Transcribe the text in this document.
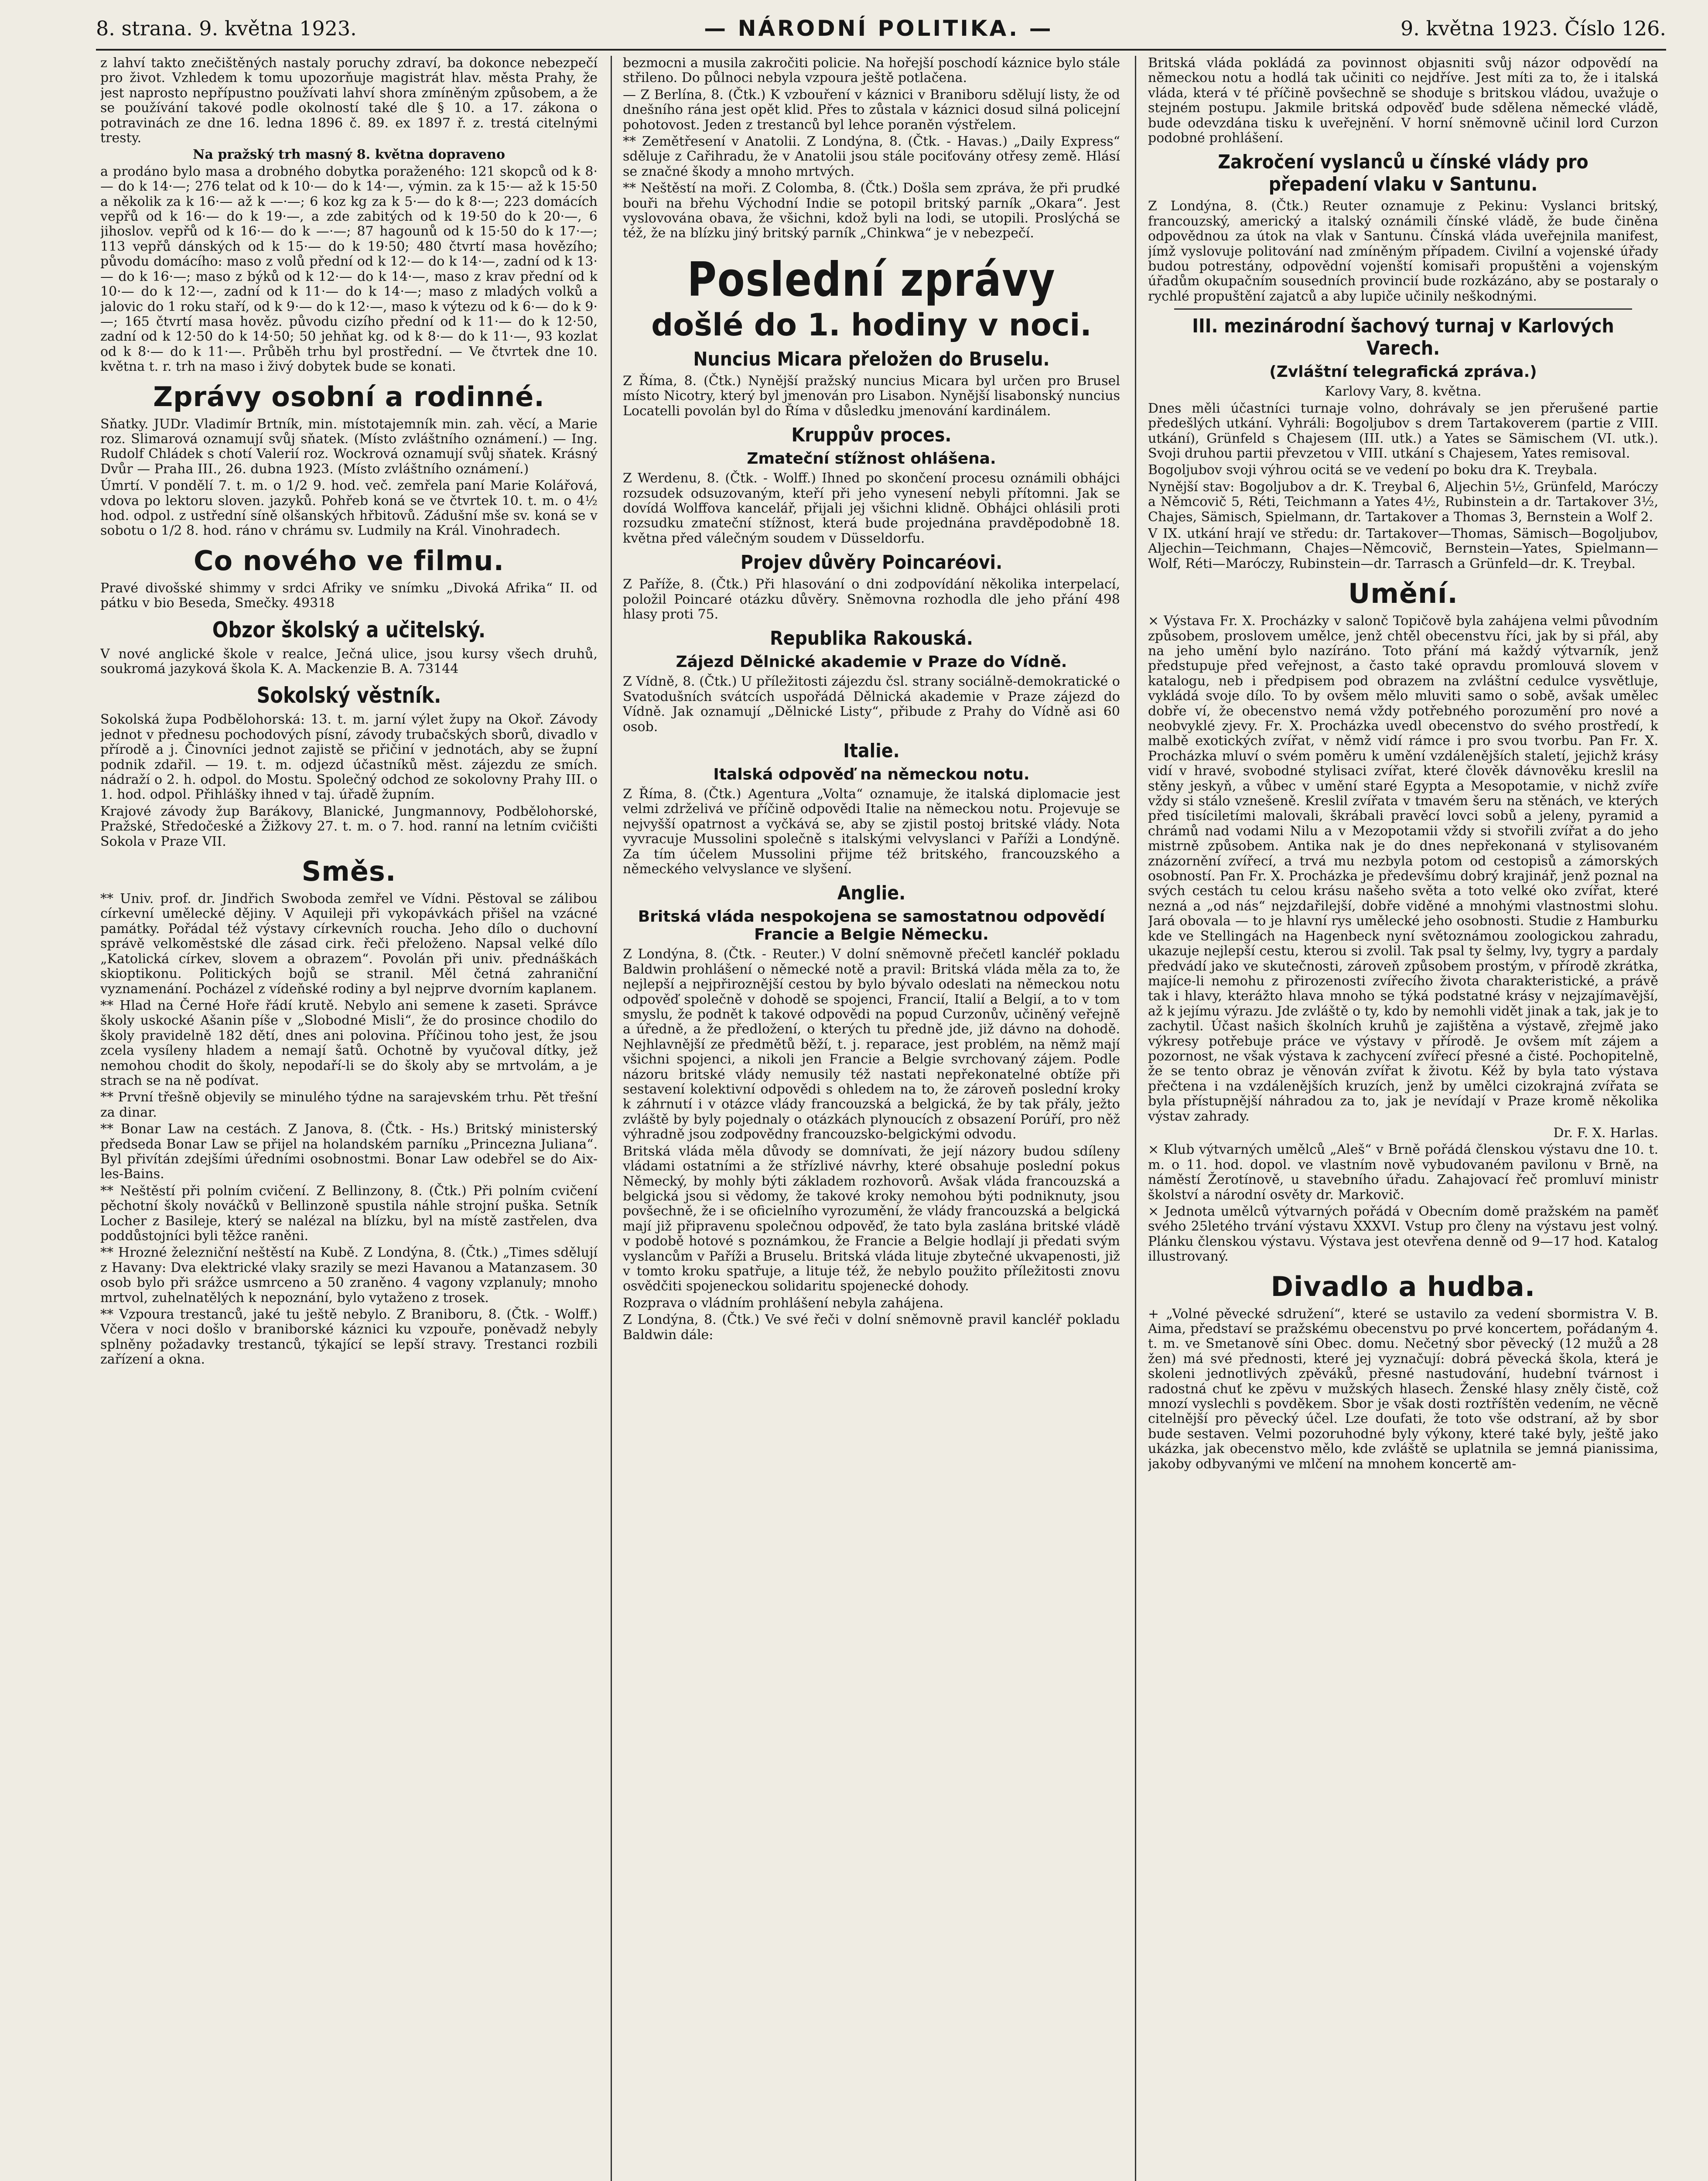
8. strana. 9. května 1923.	— NÁRODNÍ POLITIKA. —	9. května 1923. Číslo 126.

z lahví takto znečištěných nastaly poruchy zdraví, ba dokonce nebezpečí pro život. Vzhledem k tomu upozorňuje magistrát hlav. města Prahy, že jest naprosto nepřípustno používati lahví shora zmíněným způsobem, a že se používání takové podle okolností také dle § 10. a 17. zákona o potravinách ze dne 16. ledna 1896 č. 89. ex 1897 ř. z. trestá citelnými tresty.

Na pražský trh masný 8. května dopraveno

a prodáno bylo masa a drobného dobytka poraženého: 121 skopců od k 8·— do k 14·—; 276 telat od k 10·— do k 14·—, výmin. za k 15·— až k 15·50 a několik za k 16·— až k —·—; 6 koz kg za k 5·— do k 8·—; 223 domácích vepřů od k 16·— do k 19·—, a zde zabitých od k 19·50 do k 20·—, 6 jihoslov. vepřů od k 16·— do k —·—; 87 hagounů od k 15·50 do k 17·—; 113 vepřů dánských od k 15·— do k 19·50; 480 čtvrtí masa hovězího; původu domácího: maso z volů přední od k 12·— do k 14·—, zadní od k 13·— do k 16·—; maso z býků od k 12·— do k 14·—, maso z krav přední od k 10·— do k 12·—, zadní od k 11·— do k 14·—; maso z mladých volků a jalovic do 1 roku staří, od k 9·— do k 12·—, maso k výtezu od k 6·— do k 9·—; 165 čtvrtí masa hověz. původu cizího přední od k 11·— do k 12·50, zadní od k 12·50 do k 14·50; 50 jehňat kg. od k 8·— do k 11·—, 93 kozlat od k 8·— do k 11·—. Průběh trhu byl prostřední. — Ve čtvrtek dne 10. května t. r. trh na maso i živý dobytek bude se konati.

Zprávy osobní a rodinné.

Sňatky. JUDr. Vladimír Brtník, min. místotajemník min. zah. věcí, a Marie roz. Slimarová oznamují svůj sňatek. (Místo zvláštního oznámení.) — Ing. Rudolf Chládek s chotí Valerií roz. Wockrová oznamují svůj sňatek. Krásný Dvůr — Praha III., 26. dubna 1923. (Místo zvláštního oznámení.)

Úmrtí. V pondělí 7. t. m. o 1/2 9. hod. več. zemřela paní Marie Kolářová, vdova po lektoru sloven. jazyků. Pohřeb koná se ve čtvrtek 10. t. m. o 4½ hod. odpol. z ustřední síně olšanských hřbitovů. Zádušní mše sv. koná se v sobotu o 1/2 8. hod. ráno v chrámu sv. Ludmily na Král. Vinohradech.

Co nového ve filmu.

Pravé divošské shimmy v srdci Afriky ve snímku „Divoká Afrika“ II. od pátku v bio Beseda, Smečky. 49318

Obzor školský a učitelský.

V nové anglické škole v realce, Ječná ulice, jsou kursy všech druhů, soukromá jazyková škola K. A. Mackenzie B. A. 73144

Sokolský věstník.

Sokolská župa Podbělohorská: 13. t. m. jarní výlet župy na Okoř. Závody jednot v přednesu pochodových písní, závody trubačských sborů, divadlo v přírodě a j. Činovníci jednot zajistě se přičiní v jednotách, aby se župní podnik zdařil. — 19. t. m. odjezd účastníků měst. zájezdu ze smích. nádraží o 2. h. odpol. do Mostu. Společný odchod ze sokolovny Prahy III. o 1. hod. odpol. Přihlášky ihned v taj. úřadě župním.

Krajové závody žup Barákovy, Blanické, Jungmannovy, Podbělohorské, Pražské, Středočeské a Žižkovy 27. t. m. o 7. hod. ranní na letním cvičišti Sokola v Praze VII.

Směs.

** Univ. prof. dr. Jindřich Swoboda zemřel ve Vídni. Pěstoval se zálibou církevní umělecké dějiny. V Aquileji při vykopávkách přišel na vzácné památky. Pořádal též výstavy církevních roucha. Jeho dílo o duchovní správě velkoměstské dle zásad cirk. řeči přeloženo. Napsal velké dílo „Katolická církev, slovem a obrazem“. Povolán při univ. přednáškách skioptikonu. Politických bojů se stranil. Měl četná zahraniční vyznamenání. Pocházel z vídeňské rodiny a byl nejprve dvorním kaplanem.

** Hlad na Černé Hoře řádí krutě. Nebylo ani semene k zaseti. Správce školy uskocké Ašanin píše v „Slobodné Misli“, že do prosince chodilo do školy pravidelně 182 dětí, dnes ani polovina. Příčinou toho jest, že jsou zcela vysíleny hladem a nemají šatů. Ochotně by vyučoval dítky, jež nemohou chodit do školy, nepodaří-li se do školy aby se mrtvolám, a je strach se na ně podívat.

** První třešně objevily se minulého týdne na sarajevském trhu. Pět třešní za dinar.

** Bonar Law na cestách. Z Janova, 8. (Čtk. - Hs.) Britský ministerský předseda Bonar Law se přijel na holandském parníku „Princezna Juliana“. Byl přivítán zdejšími úředními osobnostmi. Bonar Law odebřel se do Aix-les-Bains.

** Neštěstí při polním cvičení. Z Bellinzony, 8. (Čtk.) Při polním cvičení pěchotní školy nováčků v Bellinzoně spustila náhle strojní puška. Setník Locher z Basileje, který se nalézal na blízku, byl na místě zastřelen, dva poddůstojníci byli těžce raněni.

** Hrozné železniční neštěstí na Kubě. Z Londýna, 8. (Čtk.) „Times sdělují z Havany: Dva elektrické vlaky srazily se mezi Havanou a Matanzasem. 30 osob bylo při srážce usmrceno a 50 zraněno. 4 vagony vzplanuly; mnoho mrtvol, zuhelnatělých k nepoznání, bylo vytaženo z trosek.

** Vzpoura trestanců, jaké tu ještě nebylo. Z Braniboru, 8. (Čtk. - Wolff.) Včera v noci došlo v braniborské káznici ku vzpouře, poněvadž nebyly splněny požadavky trestanců, týkající se lepší stravy. Trestanci rozbili zařízení a okna.

bezmocni a musila zakročiti policie. Na hořejší poschodí káznice bylo stále střileno. Do půlnoci nebyla vzpoura ještě potlačena.

— Z Berlína, 8. (Čtk.) K vzbouření v káznici v Braniboru sdělují listy, že od dnešního rána jest opět klid. Přes to zůstala v káznici dosud silná policejní pohotovost. Jeden z trestanců byl lehce poraněn výstřelem.

** Zemětřesení v Anatolii. Z Londýna, 8. (Čtk. - Havas.) „Daily Express“ sděluje z Cařihradu, že v Anatolii jsou stále pociťovány otřesy země. Hlásí se značné škody a mnoho mrtvých.

** Neštěstí na moři. Z Colomba, 8. (Čtk.) Došla sem zpráva, že při prudké bouři na břehu Východní Indie se potopil britský parník „Okara“. Jest vyslovována obava, že všichni, kdož byli na lodi, se utopili. Proslýchá se též, že na blízku jiný britský parník „Chinkwa“ je v nebezpečí.

Poslední zprávy
došlé do 1. hodiny v noci.
Nuncius Micara přeložen do Bruselu.

Z Říma, 8. (Čtk.) Nynější pražský nuncius Micara byl určen pro Brusel místo Nicotry, který byl jmenován pro Lisabon. Nynější lisabonský nuncius Locatelli povolán byl do Říma v důsledku jmenování kardinálem.

Kruppův proces.
Zmateční stížnost ohlášena.

Z Werdenu, 8. (Čtk. - Wolff.) Ihned po skončení procesu oznámili obhájci rozsudek odsuzovaným, kteří při jeho vynesení nebyli přítomni. Jak se dovídá Wolffova kancelář, přijali jej všichni klidně. Obhájci ohlásili proti rozsudku zmateční stížnost, která bude projednána pravděpodobně 18. května před válečným soudem v Düsseldorfu.

Projev důvěry Poincaréovi.

Z Paříže, 8. (Čtk.) Při hlasování o dni zodpovídání několika interpelací, položil Poincaré otázku důvěry. Sněmovna rozhodla dle jeho přání 498 hlasy proti 75.

Republika Rakouská.
Zájezd Dělnické akademie v Praze do Vídně.

Z Vídně, 8. (Čtk.) U příležitosti zájezdu čsl. strany sociálně-demokratické o Svatodušních svátcích uspořádá Dělnická akademie v Praze zájezd do Vídně. Jak oznamují „Dělnické Listy“, přibude z Prahy do Vídně asi 60 osob.

Italie.
Italská odpověď na německou notu.

Z Říma, 8. (Čtk.) Agentura „Volta“ oznamuje, že italská diplomacie jest velmi zdrželivá ve příčině odpovědi Italie na německou notu. Projevuje se nejvyšší opatrnost a vyčkává se, aby se zjistil postoj britské vlády. Nota vyvracuje Mussolini společně s italskými velvyslanci v Paříži a Londýně. Za tím účelem Mussolini přijme též britského, francouzského a německého velvyslance ve slyšení.

Anglie.
Britská vláda nespokojena se samostatnou odpovědí Francie a Belgie Německu.

Z Londýna, 8. (Čtk. - Reuter.) V dolní sněmovně přečetl kancléř pokladu Baldwin prohlášení o německé notě a pravil: Britská vláda měla za to, že nejlepší a nejpřiroznější cestou by bylo bývalo odeslati na německou notu odpověď společně v dohodě se spojenci, Francií, Italií a Belgií, a to v tom smyslu, že podnět k takové odpovědi na popud Curzonův, učiněný veřejně a úředně, a že předložení, o kterých tu předně jde, již dávno na dohodě. Nejhlavnější ze předmětů běží, t. j. reparace, jest problém, na němž mají všichni spojenci, a nikoli jen Francie a Belgie svrchovaný zájem. Podle názoru britské vlády nemusily též nastati nepřekonatelné obtíže při sestavení kolektivní odpovědi s ohledem na to, že zároveň poslední kroky k záhrnutí i v otázce vlády francouzská a belgická, že by tak přály, ježto zvláště by byly pojednaly o otázkách plynoucích z obsazení Porúří, pro něž výhradně jsou zodpovědny francouzsko-belgickými odvodu.

Britská vláda měla důvody se domnívati, že její názory budou sdíleny vládami ostatními a že střízlivé návrhy, které obsahuje poslední pokus Německý, by mohly býti základem rozhovorů. Avšak vláda francouzská a belgická jsou si vědomy, že takové kroky nemohou býti podniknuty, jsou povšechně, že i se oficielního vyrozumění, že vlády francouzská a belgická mají již připravenu společnou odpověď, že tato byla zaslána britské vládě v podobě hotové s poznámkou, že Francie a Belgie hodlají ji předati svým vyslancům v Paříži a Bruselu. Britská vláda lituje zbytečné ukvapenosti, již v tomto kroku spatřuje, a lituje též, že nebylo použito příležitosti znovu osvědčiti spojeneckou solidaritu spojenecké dohody.

Rozprava o vládním prohlášení nebyla zahájena.

Z Londýna, 8. (Čtk.) Ve své řeči v dolní sněmovně pravil kancléř pokladu Baldwin dále:

Britská vláda pokládá za povinnost objasniti svůj názor odpovědí na německou notu a hodlá tak učiniti co nejdříve. Jest míti za to, že i italská vláda, která v té příčině povšechně se shoduje s britskou vládou, uvažuje o stejném postupu. Jakmile britská odpověď bude sdělena německé vládě, bude odevzdána tisku k uveřejnění. V horní sněmovně učinil lord Curzon podobné prohlášení.

Zakročení vyslanců u čínské vlády pro přepadení vlaku v Santunu.

Z Londýna, 8. (Čtk.) Reuter oznamuje z Pekinu: Vyslanci britský, francouzský, americký a italský oznámili čínské vládě, že bude činěna odpovědnou za útok na vlak v Santunu. Čínská vláda uveřejnila manifest, jímž vyslovuje politování nad zmíněným případem. Civilní a vojenské úřady budou potrestány, odpovědní vojenští komisaři propuštěni a vojenským úřadům okupačním sousedních provincií bude rozkázáno, aby se postaraly o rychlé propuštění zajatců a aby lupiče učinily neškodnými.

III. mezinárodní šachový turnaj v Karlových Varech.
(Zvláštní telegrafická zpráva.)

Karlovy Vary, 8. května.

Dnes měli účastníci turnaje volno, dohrávaly se jen přerušené partie předešlých utkání. Vyhráli: Bogoljubov s drem Tartakoverem (partie z VIII. utkání), Grünfeld s Chajesem (III. utk.) a Yates se Sämischem (VI. utk.). Svoji druhou partii převzetou v VIII. utkání s Chajesem, Yates remisoval.

Bogoljubov svoji výhrou ocitá se ve vedení po boku dra K. Treybala.

Nynější stav: Bogoljubov a dr. K. Treybal 6, Aljechin 5½, Grünfeld, Maróczy a Němcovič 5, Réti, Teichmann a Yates 4½, Rubinstein a dr. Tartakover 3½, Chajes, Sämisch, Spielmann, dr. Tartakover a Thomas 3, Bernstein a Wolf 2.

V IX. utkání hrají ve středu: dr. Tartakover—Thomas, Sämisch—Bogoljubov, Aljechin—Teichmann, Chajes—Němcovič, Bernstein—Yates, Spielmann—Wolf, Réti—Maróczy, Rubinstein—dr. Tarrasch a Grünfeld—dr. K. Treybal.

Umění.

× Výstava Fr. X. Procházky v salonč Topičově byla zahájena velmi původním způsobem, proslovem umělce, jenž chtěl obecenstvu říci, jak by si přál, aby na jeho umění bylo nazíráno. Toto přání má každý výtvarník, jenž předstupuje před veřejnost, a často také opravdu promlouvá slovem v katalogu, neb i předpisem pod obrazem na zvláštní cedulce vysvětluje, vykládá svoje dílo. To by ovšem mělo mluviti samo o sobě, avšak umělec dobře ví, že obecenstvo nemá vždy potřebného porozumění pro nové a neobvyklé zjevy. Fr. X. Procházka uvedl obecenstvo do svého prostředí, k malbě exotických zvířat, v němž vidí rámce i pro svou tvorbu. Pan Fr. X. Procházka mluví o svém poměru k umění vzdálenějších staletí, jejichž krásy vidí v hravé, svobodné stylisaci zvířat, které člověk dávnověku kreslil na stěny jeskyň, a vůbec v umění staré Egypta a Mesopotamie, v nichž zvíře vždy si stálo vznešeně. Kreslil zvířata v tmavém šeru na stěnách, ve kterých před tisíciletími malovali, škrábali pravěcí lovci sobů a jeleny, pyramid a chrámů nad vodami Nilu a v Mezopotamii vždy si stvořili zvířat a do jeho mistrně způsobem. Antika nak je do dnes nepřekonaná v stylisovaném znázornění zvířecí, a trvá mu nezbyla potom od cestopisů a zámorských osobností. Pan Fr. X. Procházka je předevšímu dobrý krajinář, jenž poznal na svých cestách tu celou krásu našeho světa a toto velké oko zvířat, které nezná a „od nás“ nejzdařilejší, dobře viděné a mnohými vlastnostmi slohu. Jará obovala — to je hlavní rys umělecké jeho osobnosti. Studie z Hamburku kde ve Stellingách na Hagenbeck nyní světoznámou zoologickou zahradu, ukazuje nejlepší cestu, kterou si zvolil. Tak psal ty šelmy, lvy, tygry a pardaly předvádí jako ve skutečnosti, zároveň způsobem prostým, v přírodě zkrátka, majíce-li nemohu z přirozenosti zvířecího života charakteristické, a právě tak i hlavy, kterážto hlava mnoho se týká podstatné krásy v nejzajímavější, až k jejímu výrazu. Jde zvláště o ty, kdo by nemohli vidět jinak a tak, jak je to zachytil. Účast našich školních kruhů je zajištěna a výstavě, zřejmě jako výkresy potřebuje práce ve výstavy v přírodě. Je ovšem mít zájem a pozornost, ne však výstava k zachycení zvířecí přesné a čisté. Pochopitelně, že se tento obraz je věnován zvířat k životu. Kéž by byla tato výstava přečtena i na vzdálenějších kruzích, jenž by umělci cizokrajná zvířata se byla přístupnější náhradou za to, jak je nevídají v Praze kromě několika výstav zahrady.

Dr. F. X. Harlas.

× Klub výtvarných umělců „Aleš“ v Brně pořádá členskou výstavu dne 10. t. m. o 11. hod. dopol. ve vlastním nově vybudovaném pavilonu v Brně, na náměstí Žerotínově, u stavebního úřadu. Zahajovací řeč promluví ministr školství a národní osvěty dr. Markovič.

× Jednota umělců výtvarných pořádá v Obecním domě pražském na paměť svého 25letého trvání výstavu XXXVI. Vstup pro členy na výstavu jest volný. Plánku členskou výstavu. Výstava jest otevřena denně od 9—17 hod. Katalog illustrovaný.

Divadlo a hudba.

+ „Volné pěvecké sdružení“, které se ustavilo za vedení sbormistra V. B. Aima, představí se pražskému obecenstvu po prvé koncertem, pořádaným 4. t. m. ve Smetanově síni Obec. domu. Nečetný sbor pěvecký (12 mužů a 28 žen) má své přednosti, které jej vyznačují: dobrá pěvecká škola, která je skoleni jednotlivých zpěváků, přesné nastudování, hudební tvárnost i radostná chuť ke zpěvu v mužských hlasech. Ženské hlasy zněly čistě, což mnozí vyslechli s povděkem. Sbor je však dosti roztříštěn vedením, ne věcně citelnější pro pěvecký účel. Lze doufati, že toto vše odstraní, až by sbor bude sestaven. Velmi pozoruhodné byly výkony, které také byly, ještě jako ukázka, jak obecenstvo mělo, kde zvláště se uplatnila se jemná pianissima, jakoby odbyvanými ve mlčení na mnohem koncertě am-
